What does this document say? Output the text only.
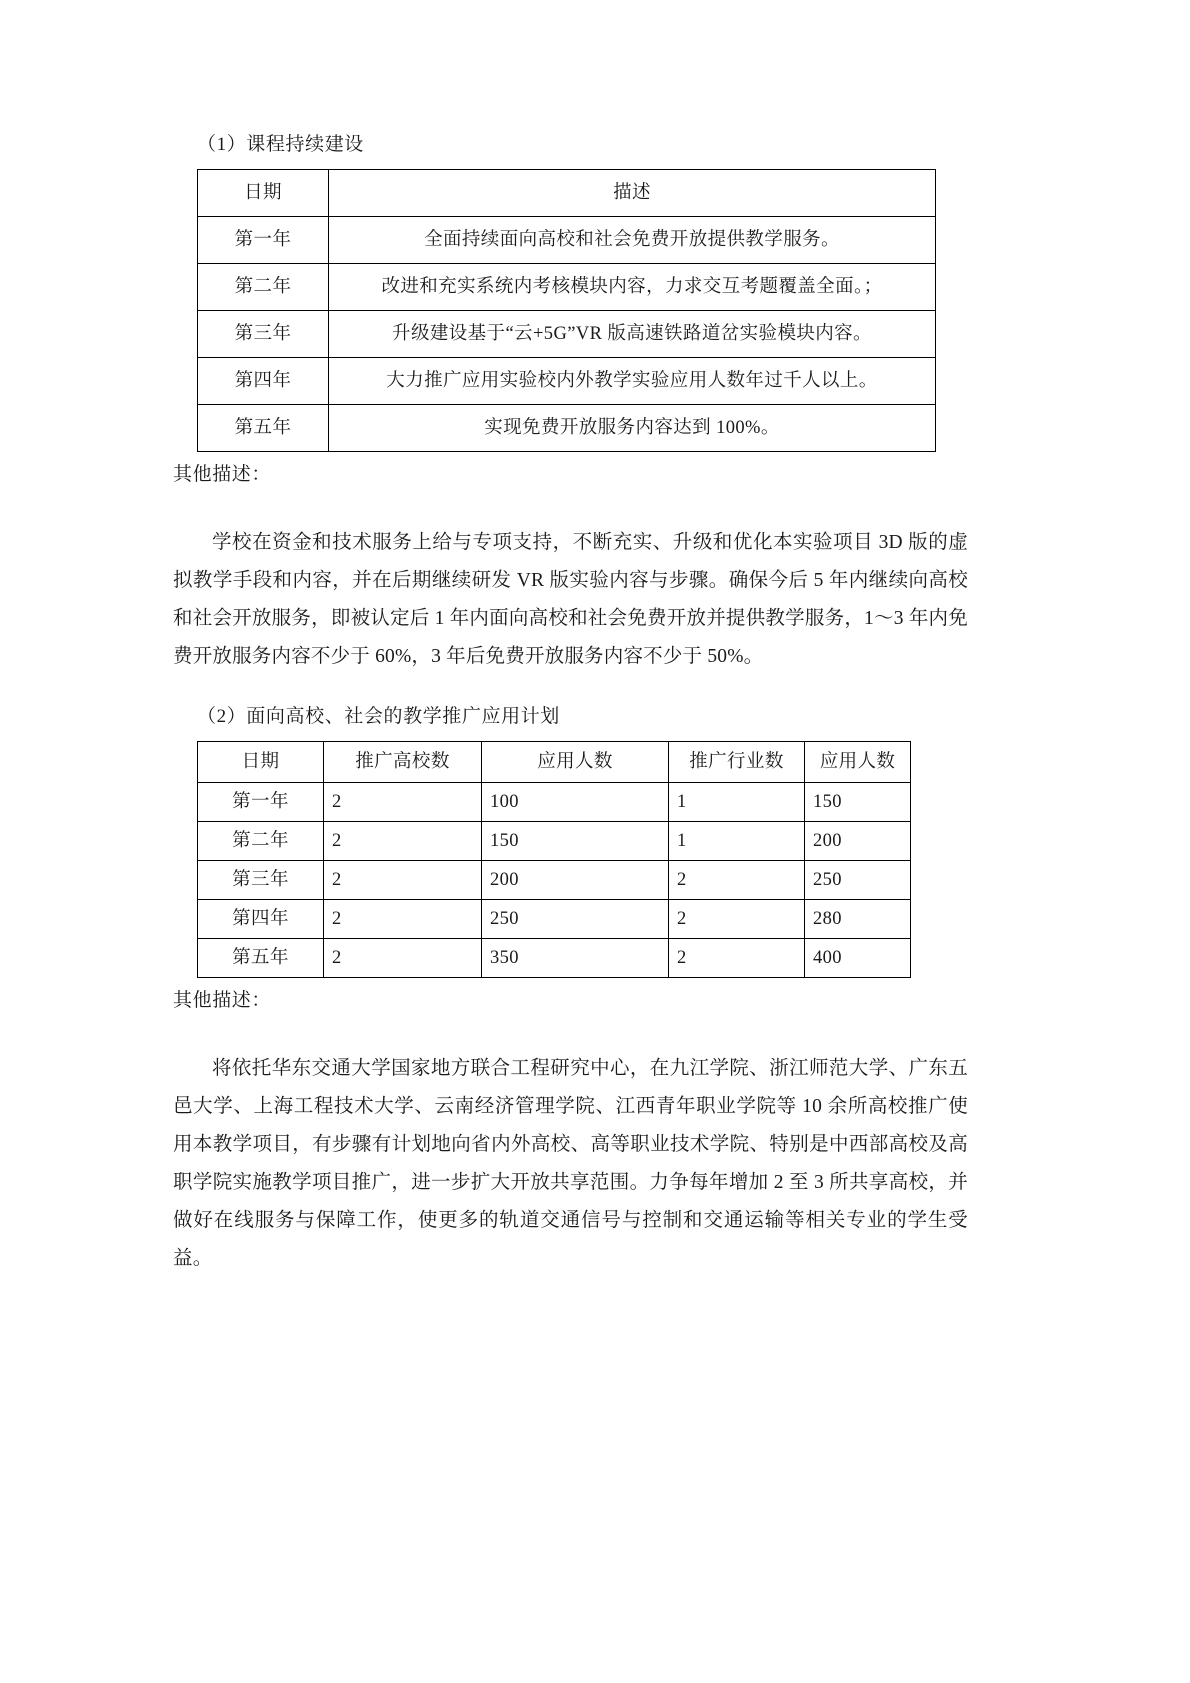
（1）课程持续建设
日期	描述
第一年	全面持续面向高校和社会免费开放提供教学服务。
第二年	改进和充实系统内考核模块内容，力求交互考题覆盖全面。；
第三年	升级建设基于“云+5G”VR 版高速铁路道岔实验模块内容。
第四年	大力推广应用实验校内外教学实验应用人数年过千人以上。
第五年	实现免费开放服务内容达到 100%。
其他描述：
学校在资金和技术服务上给与专项支持，不断充实、升级和优化本实验项目 3D 版的虚拟教学手段和内容，并在后期继续研发 VR 版实验内容与步骤。确保今后 5 年内继续向高校和社会开放服务，即被认定后 1 年内面向高校和社会免费开放并提供教学服务，1～3 年内免费开放服务内容不少于 60%，3 年后免费开放服务内容不少于 50%。
（2）面向高校、社会的教学推广应用计划
日期	推广高校数	应用人数	推广行业数	应用人数
第一年	2	100	1	150
第二年	2	150	1	200
第三年	2	200	2	250
第四年	2	250	2	280
第五年	2	350	2	400
其他描述：
将依托华东交通大学国家地方联合工程研究中心，在九江学院、浙江师范大学、广东五邑大学、上海工程技术大学、云南经济管理学院、江西青年职业学院等 10 余所高校推广使用本教学项目，有步骤有计划地向省内外高校、高等职业技术学院、特别是中西部高校及高职学院实施教学项目推广，进一步扩大开放共享范围。力争每年增加 2 至 3 所共享高校，并做好在线服务与保障工作，使更多的轨道交通信号与控制和交通运输等相关专业的学生受益。
